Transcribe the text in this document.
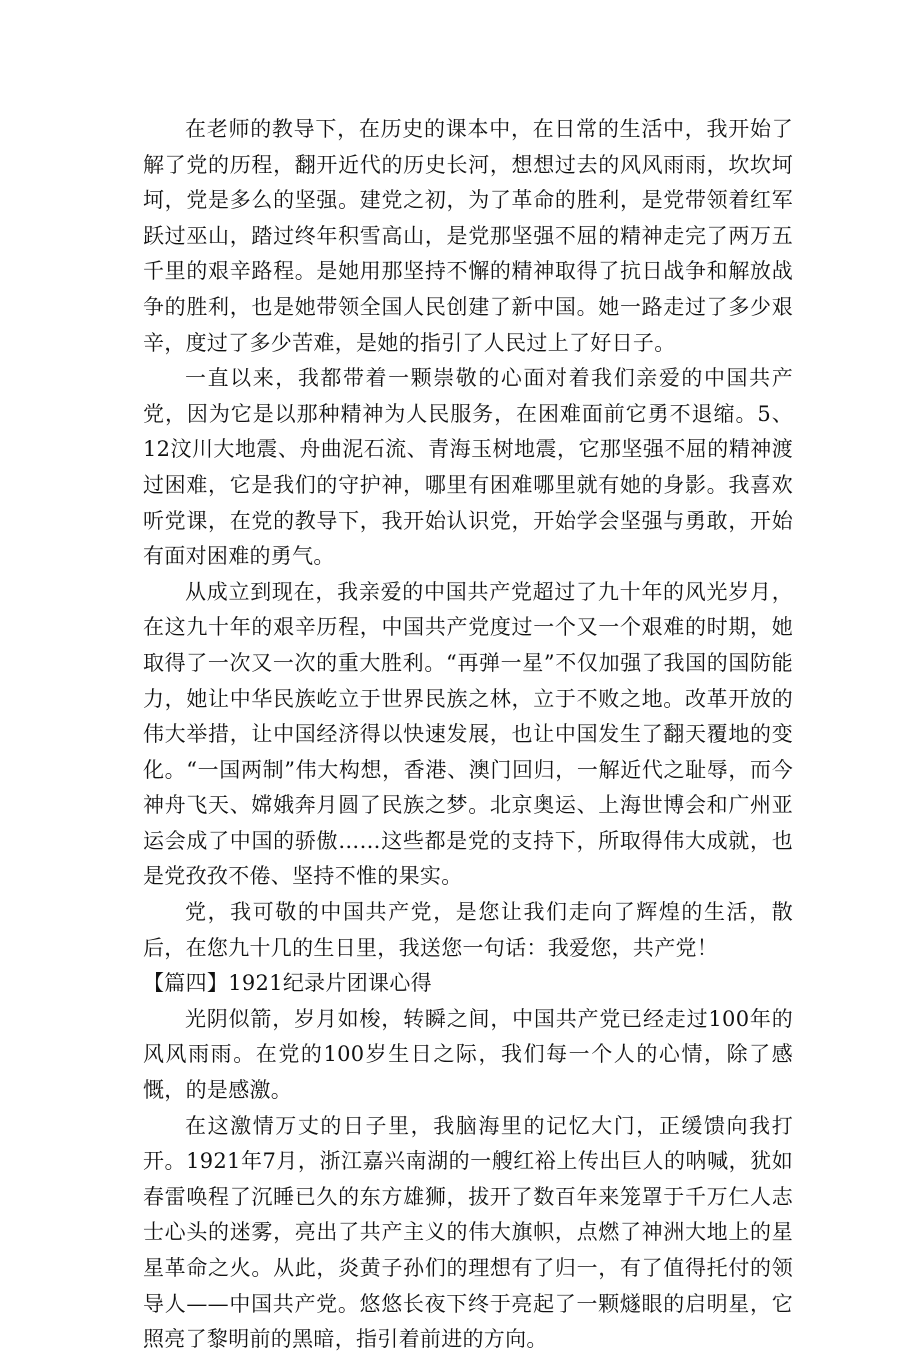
在老师的教导下，在历史的课本中，在日常的生活中，我开始了解了党的历程，翻开近代的历史长河，想想过去的风风雨雨，坎坎坷坷，党是多么的坚强。建党之初，为了革命的胜利，是党带领着红军跃过巫山，踏过终年积雪高山，是党那坚强不屈的精神走完了两万五千里的艰辛路程。是她用那坚持不懈的精神取得了抗日战争和解放战争的胜利，也是她带领全国人民创建了新中国。她一路走过了多少艰辛，度过了多少苦难，是她的指引了人民过上了好日子。

一直以来，我都带着一颗崇敬的心面对着我们亲爱的中国共产党，因为它是以那种精神为人民服务，在困难面前它勇不退缩。5、12汶川大地震、舟曲泥石流、青海玉树地震，它那坚强不屈的精神渡过困难，它是我们的守护神，哪里有困难哪里就有她的身影。我喜欢听党课，在党的教导下，我开始认识党，开始学会坚强与勇敢，开始有面对困难的勇气。

从成立到现在，我亲爱的中国共产党超过了九十年的风光岁月，在这九十年的艰辛历程，中国共产党度过一个又一个艰难的时期，她取得了一次又一次的重大胜利。“再弹一星”不仅加强了我国的国防能力，她让中华民族屹立于世界民族之林，立于不败之地。改革开放的伟大举措，让中国经济得以快速发展，也让中国发生了翻天覆地的变化。“一国两制”伟大构想，香港、澳门回归，一解近代之耻辱，而今神舟飞天、嫦娥奔月圆了民族之梦。北京奥运、上海世博会和广州亚运会成了中国的骄傲……这些都是党的支持下，所取得伟大成就，也是党孜孜不倦、坚持不惟的果实。

党，我可敬的中国共产党，是您让我们走向了辉煌的生活，散后，在您九十几的生日里，我送您一句话：我爱您，共产党！

【篇四】1921纪录片团课心得

光阴似箭，岁月如梭，转瞬之间，中国共产党已经走过100年的风风雨雨。在党的100岁生日之际，我们每一个人的心情，除了感慨，的是感激。

在这激情万丈的日子里，我脑海里的记忆大门，正缓馈向我打开。1921年7月，浙江嘉兴南湖的一艘红裕上传出巨人的呐喊，犹如春雷唤程了沉睡已久的东方雄狮，拔开了数百年来笼罩于千万仁人志士心头的迷雾，亮出了共产主义的伟大旗帜，点燃了神洲大地上的星星革命之火。从此，炎黄子孙们的理想有了归一，有了值得托付的领导人——中国共产党。悠悠长夜下终于亮起了一颗燧眼的启明星，它照亮了黎明前的黑暗，指引着前进的方向。
